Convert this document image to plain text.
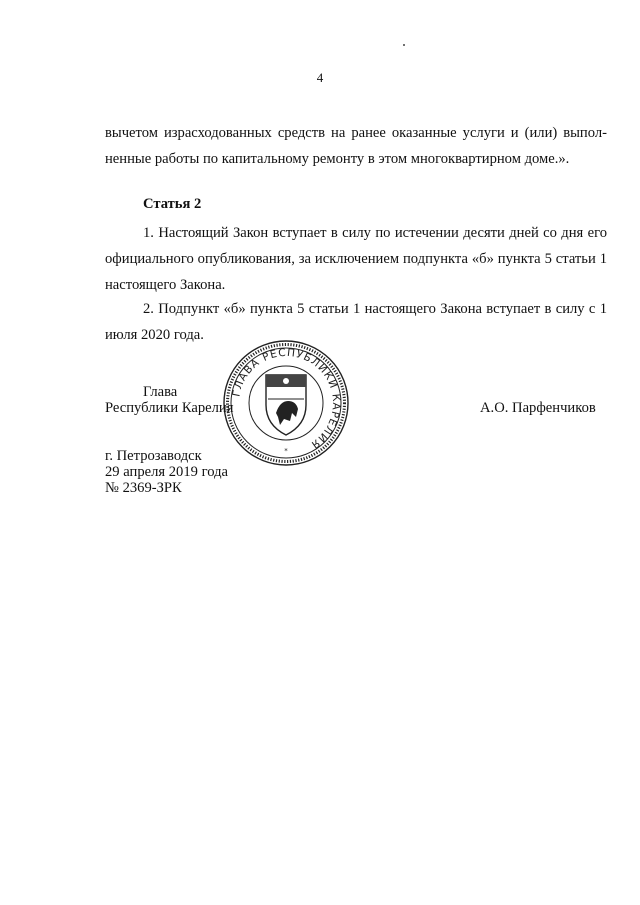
4
вычетом израсходованных средств на ранее оказанные услуги и (или) выпол-ненные работы по капитальному ремонту в этом многоквартирном доме.».
Статья 2
1. Настоящий Закон вступает в силу по истечении десяти дней со дня его официального опубликования, за исключением подпункта «б» пункта 5 статьи 1 настоящего Закона.
2. Подпункт «б» пункта 5 статьи 1 настоящего Закона вступает в силу с 1 июля 2020 года.
ГЛАВА РЕСПУБЛИКИ КАРЕЛИЯ
*
Глава
Республики Карелия	А.О. Парфенчиков
г. Петрозаводск
29 апреля 2019 года
№ 2369-ЗРК
